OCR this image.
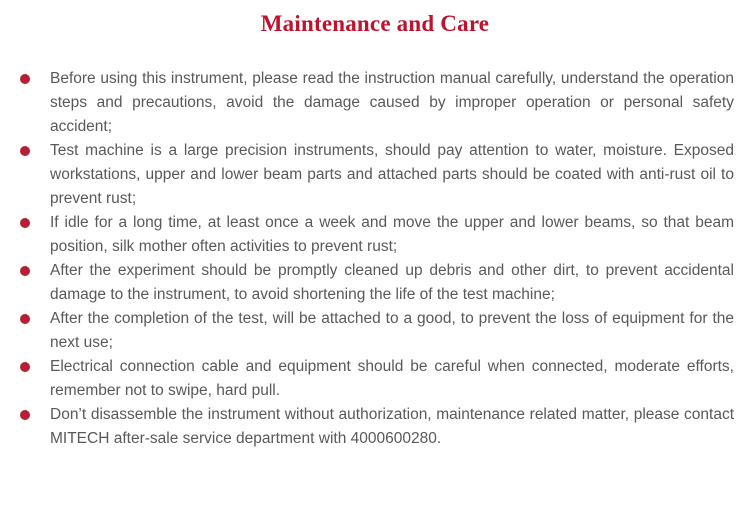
Maintenance and Care
Before using this instrument, please read the instruction manual carefully, understand the operation steps and precautions, avoid the damage caused by improper operation or personal safety accident;
Test machine is a large precision instruments, should pay attention to water, moisture. Exposed workstations, upper and lower beam parts and attached parts should be coated with anti-rust oil to prevent rust;
If idle for a long time, at least once a week and move the upper and lower beams, so that beam position, silk mother often activities to prevent rust;
After the experiment should be promptly cleaned up debris and other dirt, to prevent accidental damage to the instrument, to avoid shortening the life of the test machine;
After the completion of the test, will be attached to a good, to prevent the loss of equipment for the next use;
Electrical connection cable and equipment should be careful when connected, moderate efforts, remember not to swipe, hard pull.
Don’t disassemble the instrument without authorization, maintenance related matter, please contact MITECH after-sale service department with 4000600280.
